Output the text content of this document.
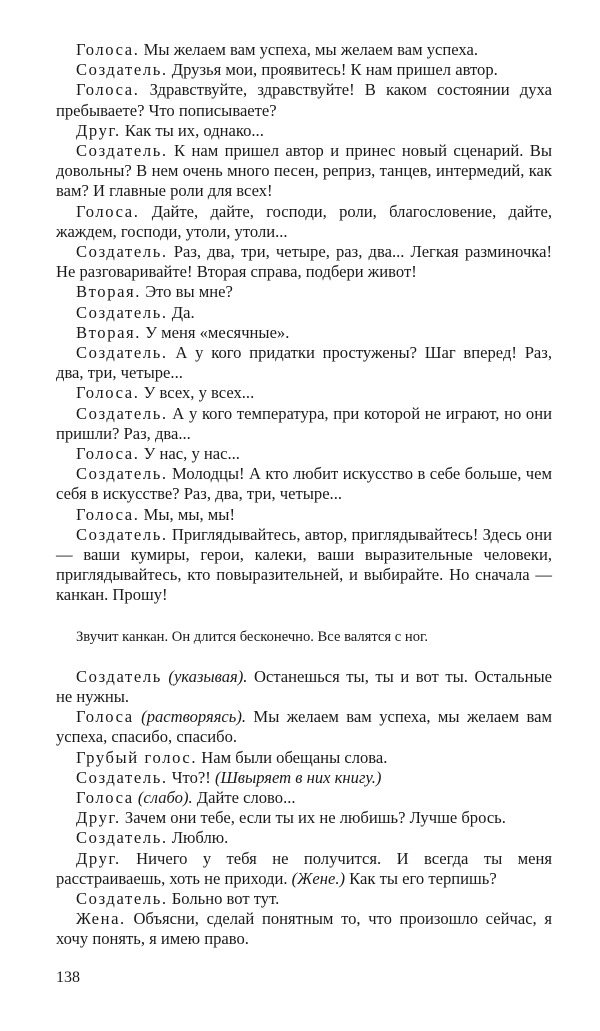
Голоса. Мы желаем вам успеха, мы желаем вам успеха.

Создатель. Друзья мои, проявитесь! К нам пришел автор.

Голоса. Здравствуйте, здравствуйте! В каком состоянии духа пребываете? Что пописываете?

Друг. Как ты их, однако...

Создатель. К нам пришел автор и принес новый сценарий. Вы довольны? В нем очень много песен, реприз, танцев, интермедий, как вам? И главные роли для всех!

Голоса. Дайте, дайте, господи, роли, благословение, дайте, жаждем, господи, утоли, утоли...

Создатель. Раз, два, три, четыре, раз, два... Легкая разминочка! Не разговаривайте! Вторая справа, подбери живот!

Вторая. Это вы мне?

Создатель. Да.

Вторая. У меня «месячные».

Создатель. А у кого придатки простужены? Шаг вперед! Раз, два, три, четыре...

Голоса. У всех, у всех...

Создатель. А у кого температура, при которой не играют, но они пришли? Раз, два...

Голоса. У нас, у нас...

Создатель. Молодцы! А кто любит искусство в себе больше, чем себя в искусстве? Раз, два, три, четыре...

Голоса. Мы, мы, мы!

Создатель. Приглядывайтесь, автор, приглядывайтесь! Здесь они — ваши кумиры, герои, калеки, ваши выразительные человеки, приглядывайтесь, кто повыразительней, и выбирайте. Но сначала — канкан. Прошу!

Звучит канкан. Он длится бесконечно. Все валятся с ног.

Создатель (указывая). Останешься ты, ты и вот ты. Остальные не нужны.

Голоса (растворяясь). Мы желаем вам успеха, мы желаем вам успеха, спасибо, спасибо.

Грубый голос. Нам были обещаны слова.

Создатель. Что?! (Швыряет в них книгу.)

Голоса (слабо). Дайте слово...

Друг. Зачем они тебе, если ты их не любишь? Лучше брось.

Создатель. Люблю.

Друг. Ничего у тебя не получится. И всегда ты меня расстраиваешь, хоть не приходи. (Жене.) Как ты его терпишь?

Создатель. Больно вот тут.

Жена. Объясни, сделай понятным то, что произошло сейчас, я хочу понять, я имею право.

138
